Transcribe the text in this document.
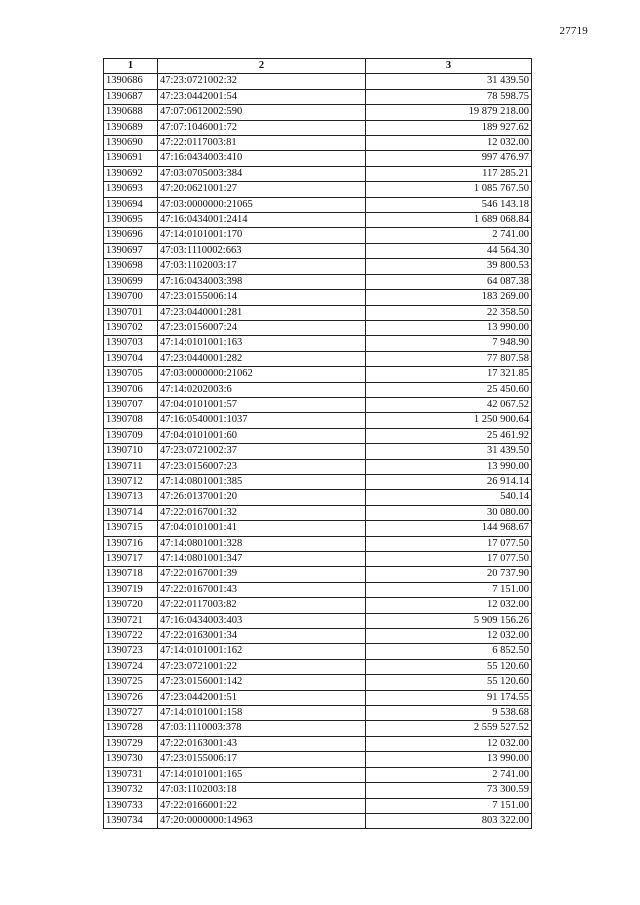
27719
1	2	3
1390686	47:23:0721002:32	31 439.50
1390687	47:23:0442001:54	78 598.75
1390688	47:07:0612002:590	19 879 218.00
1390689	47:07:1046001:72	189 927.62
1390690	47:22:0117003:81	12 032.00
1390691	47:16:0434003:410	997 476.97
1390692	47:03:0705003:384	117 285.21
1390693	47:20:0621001:27	1 085 767.50
1390694	47:03:0000000:21065	546 143.18
1390695	47:16:0434001:2414	1 689 068.84
1390696	47:14:0101001:170	2 741.00
1390697	47:03:1110002:663	44 564.30
1390698	47:03:1102003:17	39 800.53
1390699	47:16:0434003:398	64 087.38
1390700	47:23:0155006:14	183 269.00
1390701	47:23:0440001:281	22 358.50
1390702	47:23:0156007:24	13 990.00
1390703	47:14:0101001:163	7 948.90
1390704	47:23:0440001:282	77 807.58
1390705	47:03:0000000:21062	17 321.85
1390706	47:14:0202003:6	25 450.60
1390707	47:04:0101001:57	42 067.52
1390708	47:16:0540001:1037	1 250 900.64
1390709	47:04:0101001:60	25 461.92
1390710	47:23:0721002:37	31 439.50
1390711	47:23:0156007:23	13 990.00
1390712	47:14:0801001:385	26 914.14
1390713	47:26:0137001:20	540.14
1390714	47:22:0167001:32	30 080.00
1390715	47:04:0101001:41	144 968.67
1390716	47:14:0801001:328	17 077.50
1390717	47:14:0801001:347	17 077.50
1390718	47:22:0167001:39	20 737.90
1390719	47:22:0167001:43	7 151.00
1390720	47:22:0117003:82	12 032.00
1390721	47:16:0434003:403	5 909 156.26
1390722	47:22:0163001:34	12 032.00
1390723	47:14:0101001:162	6 852.50
1390724	47:23:0721001:22	55 120.60
1390725	47:23:0156001:142	55 120.60
1390726	47:23:0442001:51	91 174.55
1390727	47:14:0101001:158	9 538.68
1390728	47:03:1110003:378	2 559 527.52
1390729	47:22:0163001:43	12 032.00
1390730	47:23:0155006:17	13 990.00
1390731	47:14:0101001:165	2 741.00
1390732	47:03:1102003:18	73 300.59
1390733	47:22:0166001:22	7 151.00
1390734	47:20:0000000:14963	803 322.00
